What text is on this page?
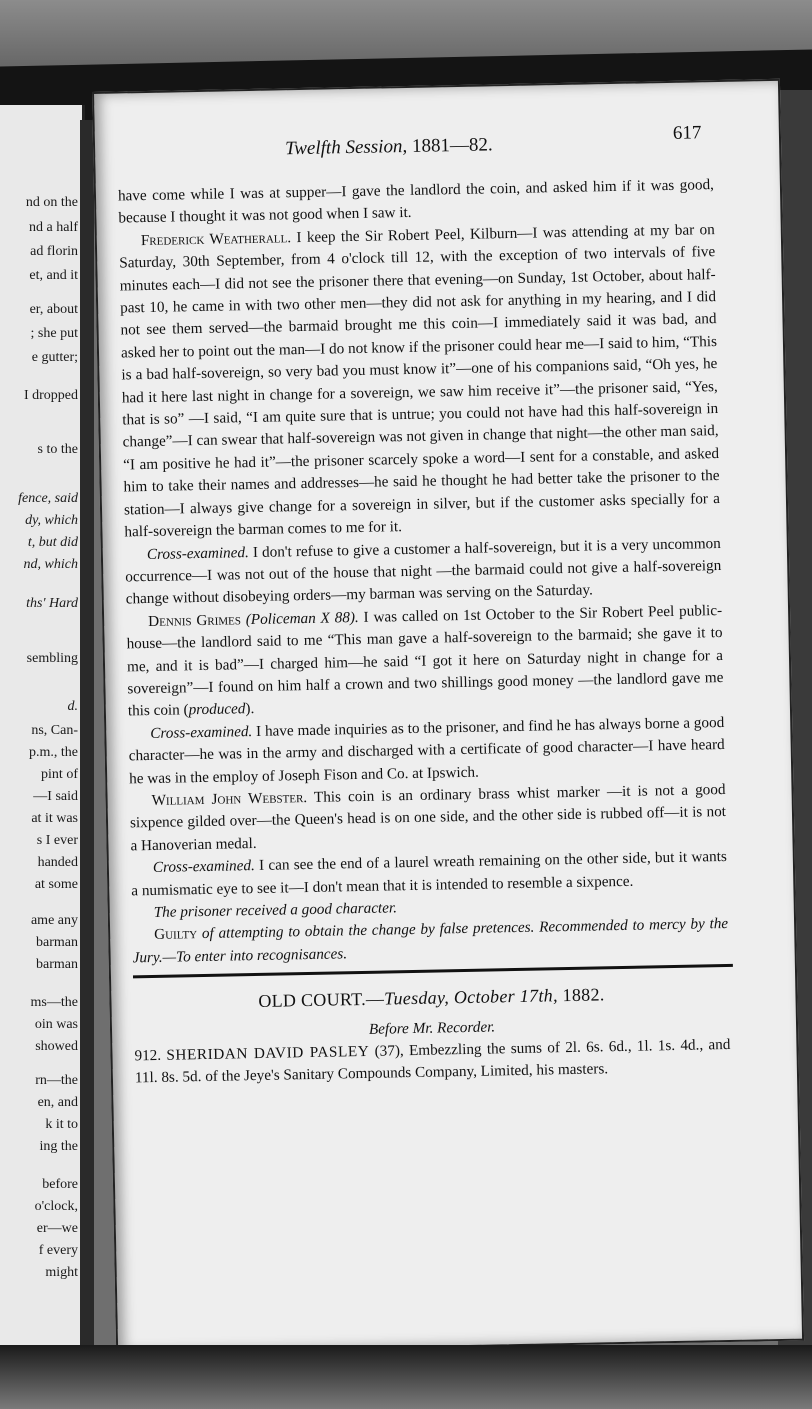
nd on the
nd a half
ad florin
et, and it
er, about
; she put
e gutter;
I dropped
s to the
fence, said
dy, which
t, but did
nd, which
ths' Hard
sembling
d.
ns, Can-
p.m., the
pint of
—I said
at it was
s I ever
handed
at some
ame any
barman
barman
ms—the
oin was
showed
rn—the
en, and
k it to
ing the
before
o'clock,
er—we
f every
might
Twelfth Session, 1881—82.
617

have come while I was at supper—I gave the landlord the coin, and asked him if it was good, because I thought it was not good when I saw it.

Frederick Weatherall. I keep the Sir Robert Peel, Kilburn—I was attending at my bar on Saturday, 30th September, from 4 o'clock till 12, with the exception of two intervals of five minutes each—I did not see the prisoner there that evening—on Sunday, 1st October, about half-past 10, he came in with two other men—they did not ask for anything in my hearing, and I did not see them served—the barmaid brought me this coin—I immediately said it was bad, and asked her to point out the man—I do not know if the prisoner could hear me—I said to him, “This is a bad half-sovereign, so very bad you must know it”—one of his companions said, “Oh yes, he had it here last night in change for a sovereign, we saw him receive it”—the prisoner said, “Yes, that is so” —I said, “I am quite sure that is untrue; you could not have had this half-sovereign in change”—I can swear that half-sovereign was not given in change that night—the other man said, “I am positive he had it”—the prisoner scarcely spoke a word—I sent for a constable, and asked him to take their names and addresses—he said he thought he had better take the prisoner to the station—I always give change for a sovereign in silver, but if the customer asks specially for a half-sovereign the barman comes to me for it.

Cross-examined. I don't refuse to give a customer a half-sovereign, but it is a very uncommon occurrence—I was not out of the house that night —the barmaid could not give a half-sovereign change without disobeying orders—my barman was serving on the Saturday.

Dennis Grimes (Policeman X 88). I was called on 1st October to the Sir Robert Peel public-house—the landlord said to me “This man gave a half-sovereign to the barmaid; she gave it to me, and it is bad”—I charged him—he said “I got it here on Saturday night in change for a sovereign”—I found on him half a crown and two shillings good money —the landlord gave me this coin (produced).

Cross-examined. I have made inquiries as to the prisoner, and find he has always borne a good character—he was in the army and discharged with a certificate of good character—I have heard he was in the employ of Joseph Fison and Co. at Ipswich.

William John Webster. This coin is an ordinary brass whist marker —it is not a good sixpence gilded over—the Queen's head is on one side, and the other side is rubbed off—it is not a Hanoverian medal.

Cross-examined. I can see the end of a laurel wreath remaining on the other side, but it wants a numismatic eye to see it—I don't mean that it is intended to resemble a sixpence.

The prisoner received a good character.

Guilty of attempting to obtain the change by false pretences. Recommended to mercy by the Jury.—To enter into recognisances.

OLD COURT.—Tuesday, October 17th, 1882.
Before Mr. Recorder.

912. SHERIDAN DAVID PASLEY (37), Embezzling the sums of 2l. 6s. 6d., 1l. 1s. 4d., and 11l. 8s. 5d. of the Jeye's Sanitary Compounds Company, Limited, his masters.
